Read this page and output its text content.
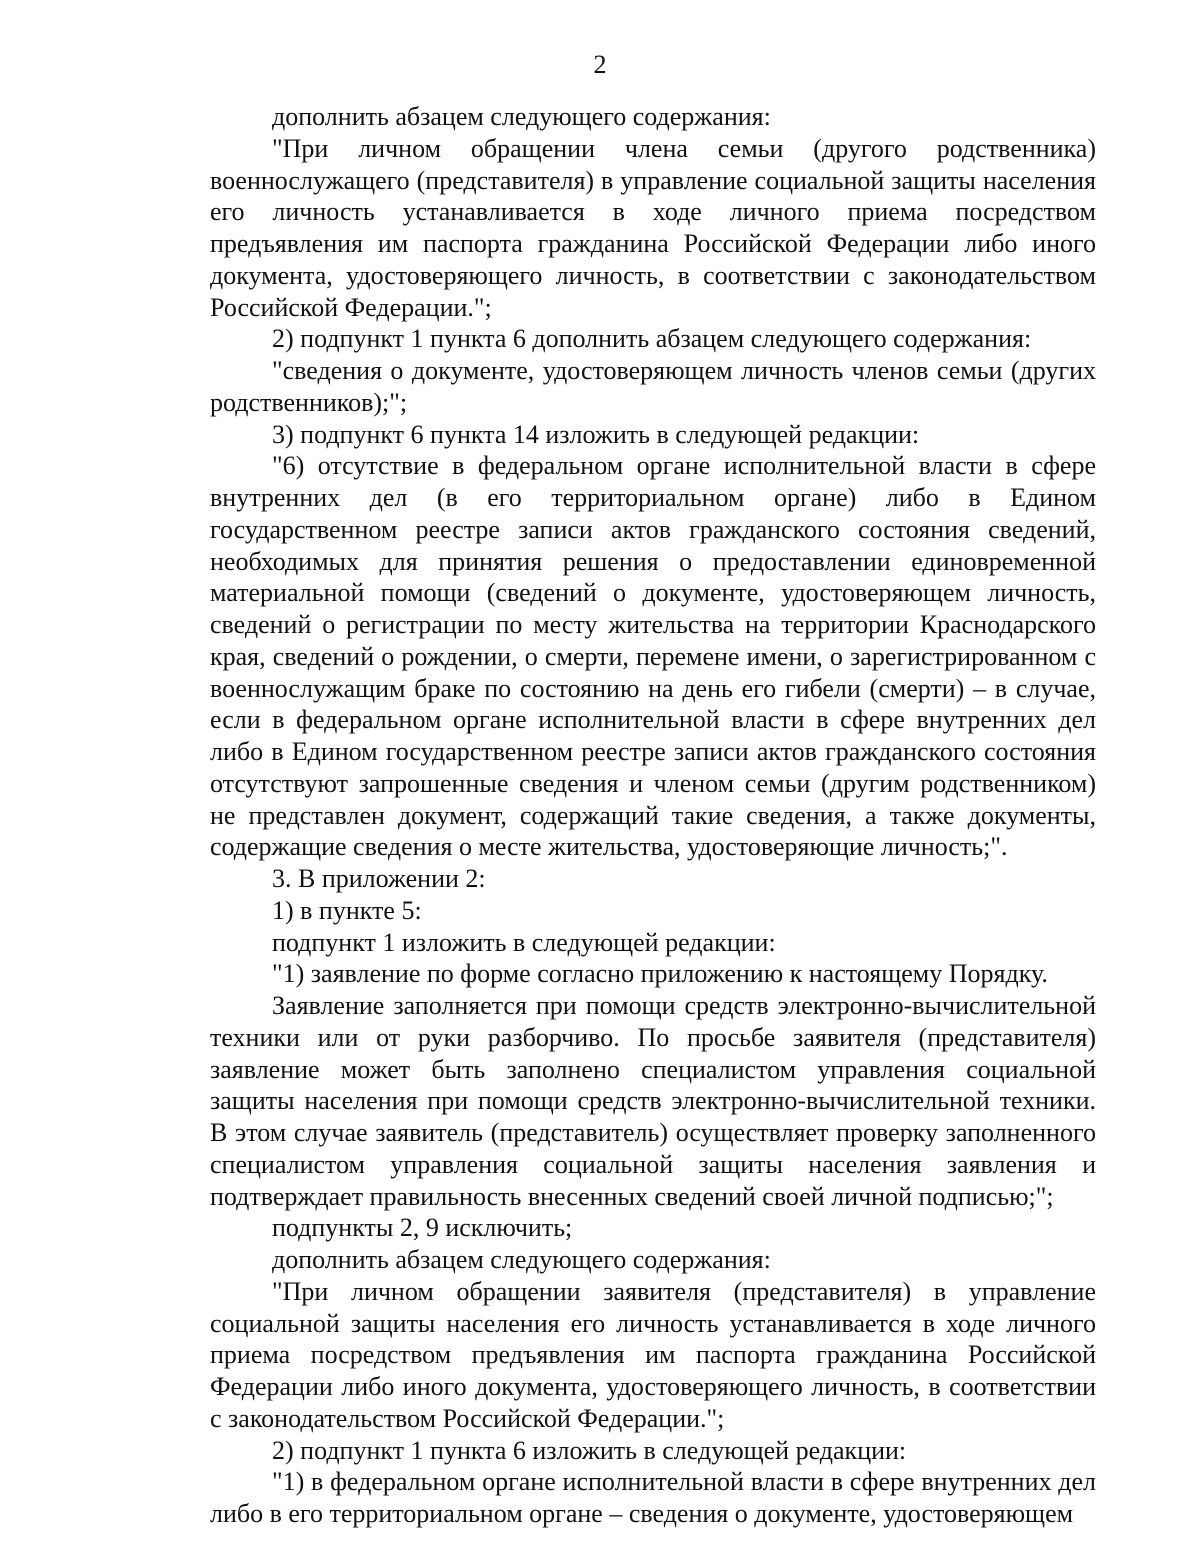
2

дополнить абзацем следующего содержания:

"При личном обращении члена семьи (другого родственника) военнослужащего (представителя) в управление социальной защиты населения его личность устанавливается в ходе личного приема посредством предъявления им паспорта гражданина Российской Федерации либо иного документа, удостоверяющего личность, в соответствии с законодательством Российской Федерации.";

2) подпункт 1 пункта 6 дополнить абзацем следующего содержания:

"сведения о документе, удостоверяющем личность членов семьи (других родственников);";

3) подпункт 6 пункта 14 изложить в следующей редакции:

"6) отсутствие в федеральном органе исполнительной власти в сфере внутренних дел (в его территориальном органе) либо в Едином государственном реестре записи актов гражданского состояния сведений, необходимых для принятия решения о предоставлении единовременной материальной помощи (сведений о документе, удостоверяющем личность, сведений о регистрации по месту жительства на территории Краснодарского края, сведений о рождении, о смерти, перемене имени, о зарегистрированном с военнослужащим браке по состоянию на день его гибели (смерти) – в случае, если в федеральном органе исполнительной власти в сфере внутренних дел либо в Едином государственном реестре записи актов гражданского состояния отсутствуют запрошенные сведения и членом семьи (другим родственником) не представлен документ, содержащий такие сведения, а также документы, содержащие сведения о месте жительства, удостоверяющие личность;".

3. В приложении 2:

1) в пункте 5:

подпункт 1 изложить в следующей редакции:

"1) заявление по форме согласно приложению к настоящему Порядку.

Заявление заполняется при помощи средств электронно-вычислительной техники или от руки разборчиво. По просьбе заявителя (представителя) заявление может быть заполнено специалистом управления социальной защиты населения при помощи средств электронно-вычислительной техники. В этом случае заявитель (представитель) осуществляет проверку заполненного специалистом управления социальной защиты населения заявления и подтверждает правильность внесенных сведений своей личной подписью;";

подпункты 2, 9 исключить;

дополнить абзацем следующего содержания:

"При личном обращении заявителя (представителя) в управление социальной защиты населения его личность устанавливается в ходе личного приема посредством предъявления им паспорта гражданина Российской Федерации либо иного документа, удостоверяющего личность, в соответствии с законодательством Российской Федерации.";

2) подпункт 1 пункта 6 изложить в следующей редакции:

"1) в федеральном органе исполнительной власти в сфере внутренних дел либо в его территориальном органе – сведения о документе, удостоверяющем
